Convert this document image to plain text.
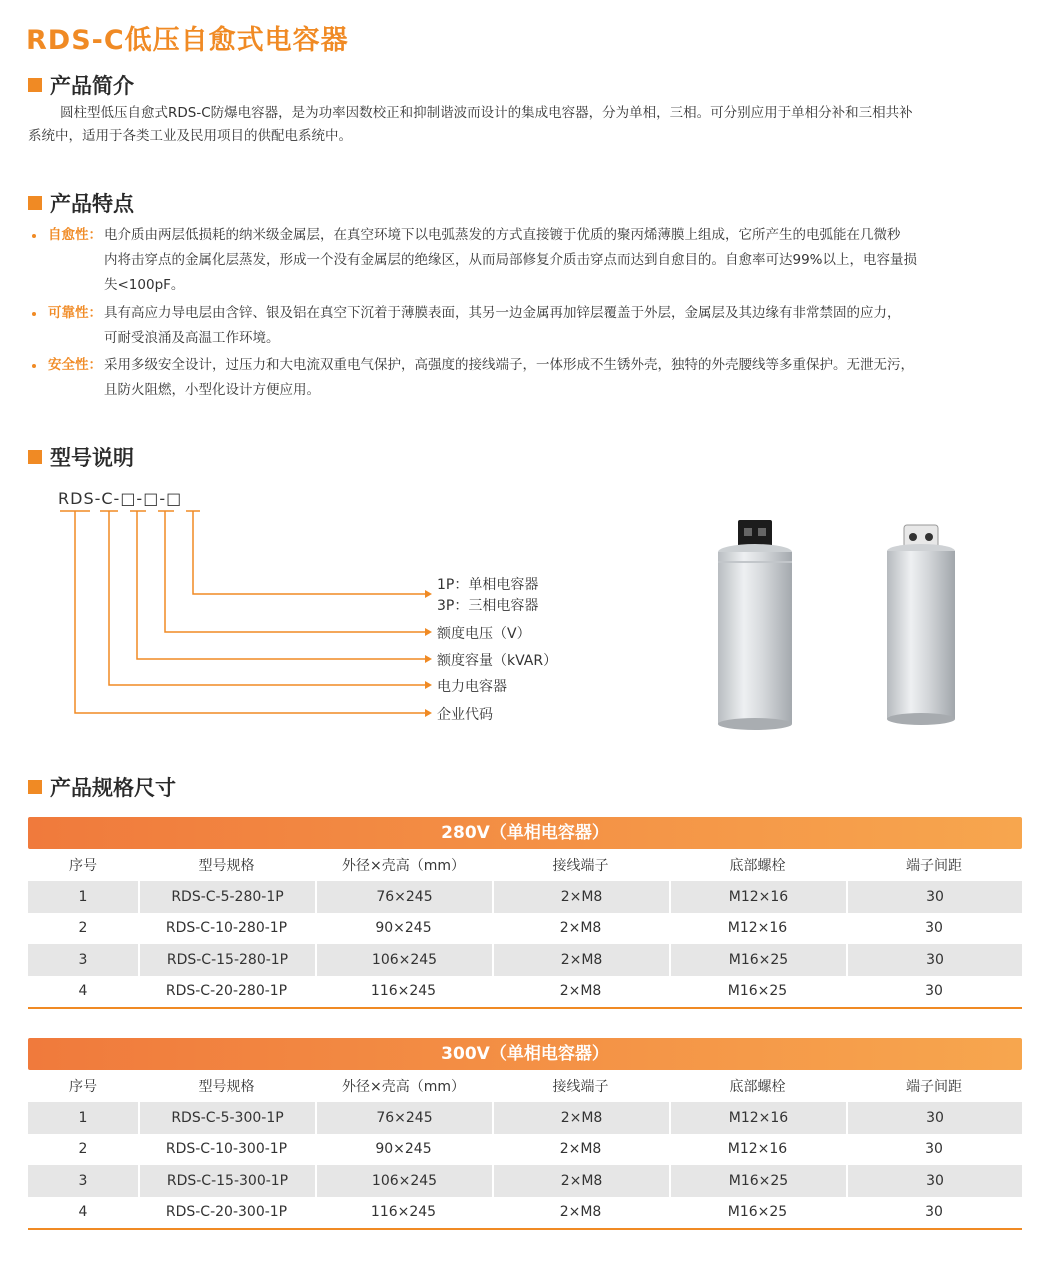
RDS-C低压自愈式电容器
产品简介
圆柱型低压自愈式RDS-C防爆电容器，是为功率因数校正和抑制谐波而设计的集成电容器，分为单相，三相。可分别应用于单相分补和三相共补
系统中，适用于各类工业及民用项目的供配电系统中。
产品特点
自愈性： 电介质由两层低损耗的纳米级金属层，在真空环境下以电弧蒸发的方式直接镀于优质的聚丙烯薄膜上组成，它所产生的电弧能在几微秒
内将击穿点的金属化层蒸发，形成一个没有金属层的绝缘区，从而局部修复介质击穿点而达到自愈目的。自愈率可达99%以上，电容量损
失<100pF。
可靠性： 具有高应力导电层由含锌、银及铝在真空下沉着于薄膜表面，其另一边金属再加锌层覆盖于外层，金属层及其边缘有非常禁固的应力，
可耐受浪涌及高温工作环境。
安全性： 采用多级安全设计，过压力和大电流双重电气保护，高强度的接线端子，一体形成不生锈外壳，独特的外壳腰线等多重保护。无泄无污，
且防火阻燃，小型化设计方便应用。
型号说明
RDS-C-□-□-□
1P：单相电容器
3P：三相电容器
额度电压（V）
额度容量（kVAR）
电力电容器
企业代码
产品规格尺寸
280V（单相电容器）
序号	型号规格	外径×壳高（mm）	接线端子	底部螺栓	端子间距
1	RDS-C-5-280-1P	76×245	2×M8	M12×16	30
2	RDS-C-10-280-1P	90×245	2×M8	M12×16	30
3	RDS-C-15-280-1P	106×245	2×M8	M16×25	30
4	RDS-C-20-280-1P	116×245	2×M8	M16×25	30
300V（单相电容器）
序号	型号规格	外径×壳高（mm）	接线端子	底部螺栓	端子间距
1	RDS-C-5-300-1P	76×245	2×M8	M12×16	30
2	RDS-C-10-300-1P	90×245	2×M8	M12×16	30
3	RDS-C-15-300-1P	106×245	2×M8	M16×25	30
4	RDS-C-20-300-1P	116×245	2×M8	M16×25	30
